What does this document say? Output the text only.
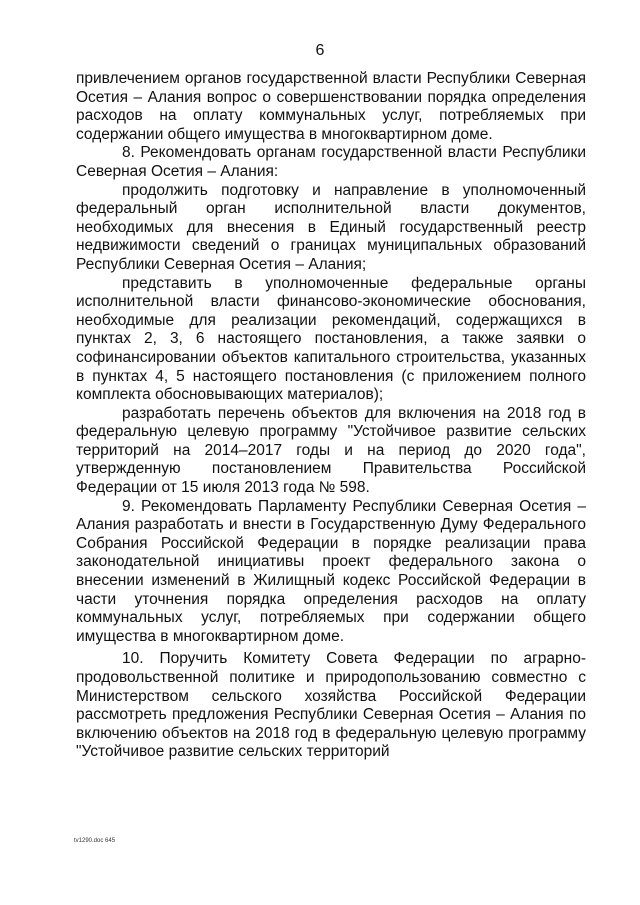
6

привлечением органов государственной власти Республики Северная Осетия – Алания вопрос о совершенствовании порядка определения расходов на оплату коммунальных услуг, потребляемых при содержании общего имущества в многоквартирном доме.

8. Рекомендовать органам государственной власти Республики Северная Осетия – Алания:

продолжить подготовку и направление в уполномоченный федеральный орган исполнительной власти документов, необходимых для внесения в Единый государственный реестр недвижимости сведений о границах муниципальных образований Республики Северная Осетия – Алания;

представить в уполномоченные федеральные органы исполнительной власти финансово-экономические обоснования, необходимые для реализации рекомендаций, содержащихся в пунктах 2, 3, 6 настоящего постановления, а также заявки о софинансировании объектов капитального строительства, указанных в пунктах 4, 5 настоящего постановления (с приложением полного комплекта обосновывающих материалов);

разработать перечень объектов для включения на 2018 год в федеральную целевую программу "Устойчивое развитие сельских территорий на 2014–2017 годы и на период до 2020 года", утвержденную постановлением Правительства Российской Федерации от 15 июля 2013 года № 598.

9. Рекомендовать Парламенту Республики Северная Осетия – Алания разработать и внести в Государственную Думу Федерального Собрания Российской Федерации в порядке реализации права законодательной инициативы проект федерального закона о внесении изменений в Жилищный кодекс Российской Федерации в части уточнения порядка определения расходов на оплату коммунальных услуг, потребляемых при содержании общего имущества в многоквартирном доме.

10. Поручить Комитету Совета Федерации по аграрно-продовольственной политике и природопользованию совместно с Министерством сельского хозяйства Российской Федерации рассмотреть предложения Республики Северная Осетия – Алания по включению объектов на 2018 год в федеральную целевую программу "Устойчивое развитие сельских территорий

tv1290.doc 645
